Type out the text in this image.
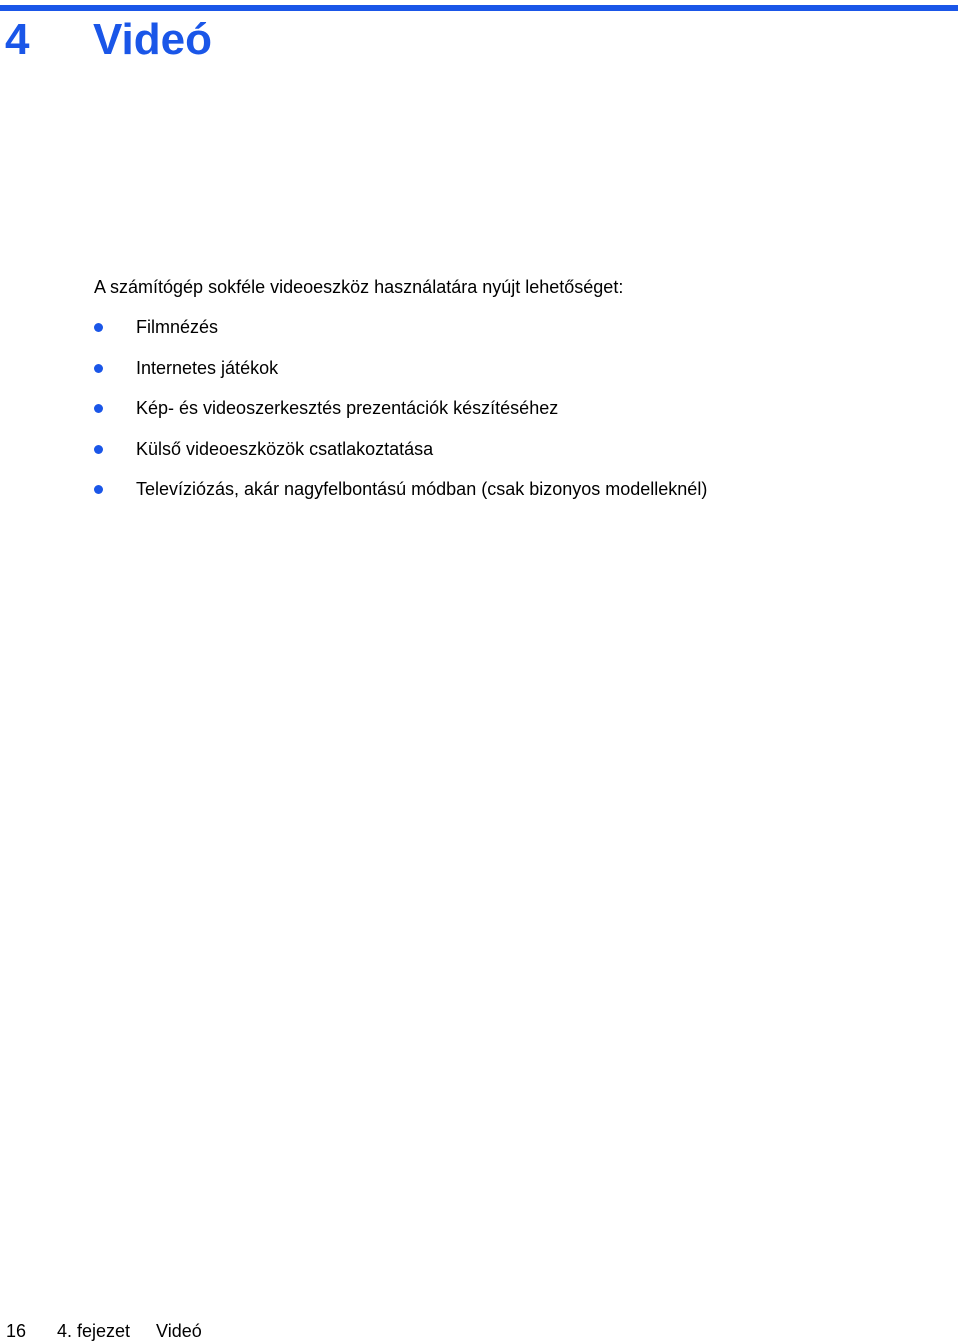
4	Videó

A számítógép sokféle videoeszköz használatára nyújt lehetőséget:

Filmnézés
Internetes játékok
Kép- és videoszerkesztés prezentációk készítéséhez
Külső videoeszközök csatlakoztatása
Televíziózás, akár nagyfelbontású módban (csak bizonyos modelleknél)
16 4. fejezet Videó
